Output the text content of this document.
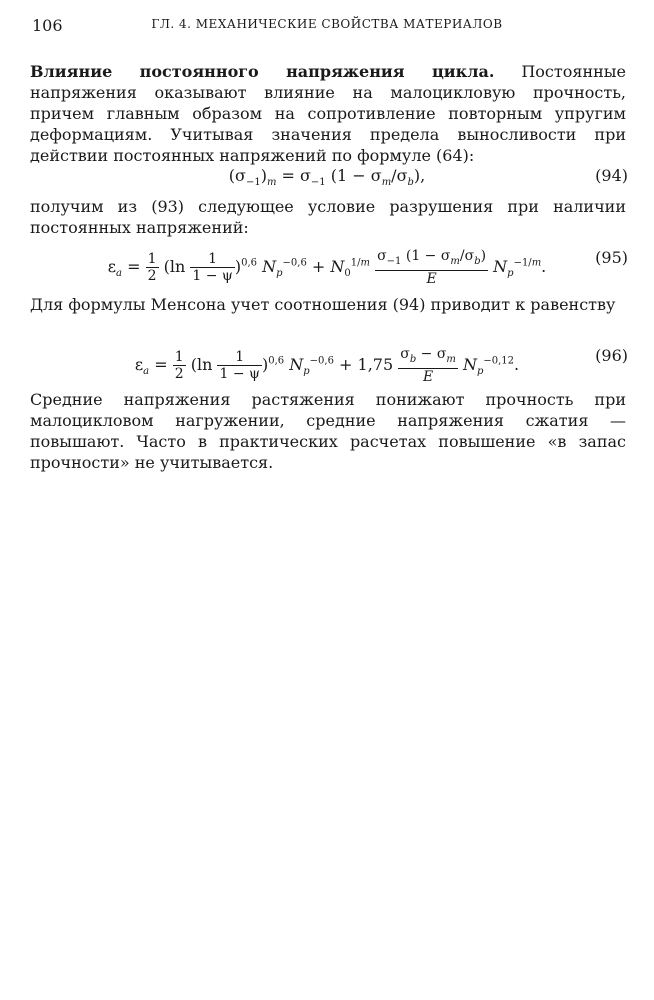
106	ГЛ. 4. МЕХАНИЧЕСКИЕ СВОЙСТВА МАТЕРИАЛОВ

Влияние постоянного напряжения цикла. Постоянные напряжения оказывают влияние на малоцикловую прочность, причем главным образом на сопротивление повторным упругим деформациям. Учитывая значения предела выносливости при действии постоянных напряжений по формуле (64):

$(\sigma_{-1})_m = \sigma_{-1}$ $(1 - \sigma_m/\sigma_b)$,	(94)

получим из (93) следующее условие разрушения при наличии постоянных напряжений:

$\varepsilon_a = \frac{1}{2} (\ln \frac{1}{1 - \psi} )^{0,6}$ $N_p^{-0,6} + N_0^{1/m} \frac{\sigma_{-1} (1 - \sigma_m/\sigma_b)}{E} N_p^{-1/m}$.	(95)

Для формулы Менсона учет соотношения (94) приводит к равенству

$\varepsilon_a = \frac{1}{2} (\ln \frac{1}{1 - \psi} )^{0,6}$ $N_p^{-0,6} + 1,75 \frac{\sigma_b - \sigma_m}{E} N_p^{-0,12}$.	(96)

Средние напряжения растяжения понижают прочность при малоцикловом нагружении, средние напряжения сжатия — повышают. Часто в практических расчетах повышение «в запас прочности» не учитывается.
